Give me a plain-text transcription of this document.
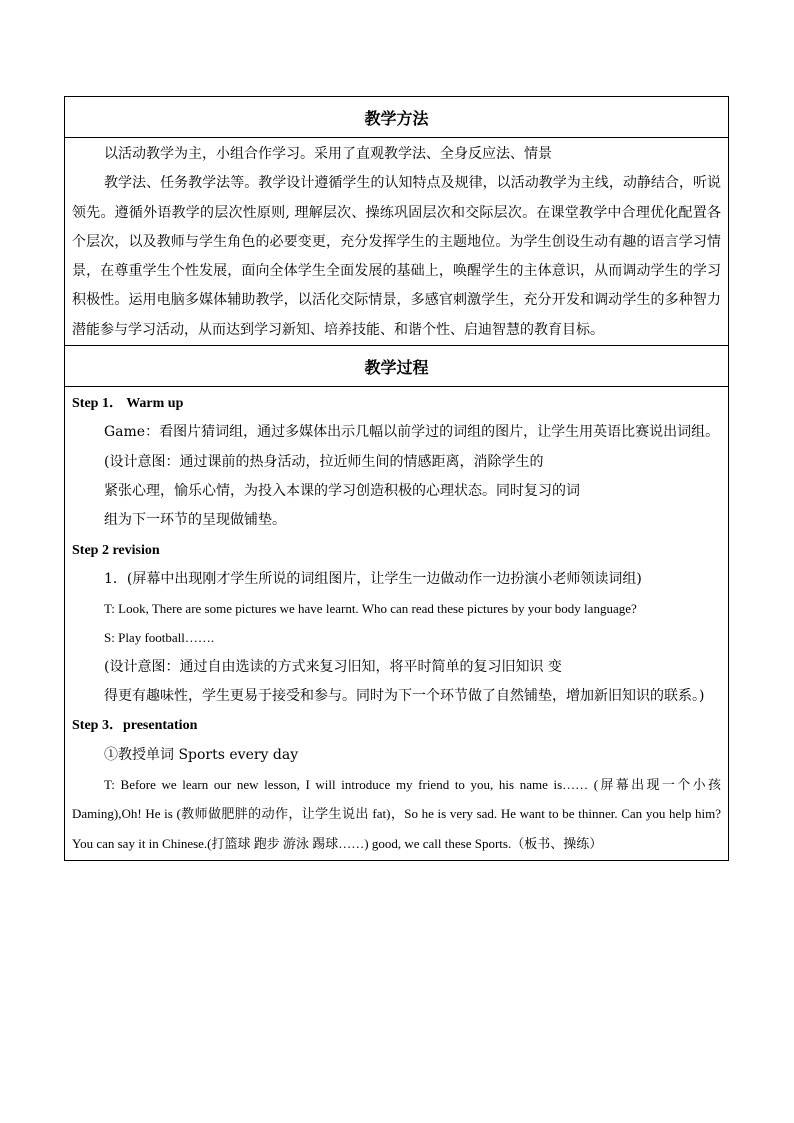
教学方法

以活动教学为主，小组合作学习。采用了直观教学法、全身反应法、情景

教学法、任务教学法等。教学设计遵循学生的认知特点及规律，以活动教学为主线，动静结合，听说领先。遵循外语教学的层次性原则, 理解层次、操练巩固层次和交际层次。在课堂教学中合理优化配置各个层次，以及教师与学生角色的必要变更，充分发挥学生的主题地位。为学生创设生动有趣的语言学习情景，在尊重学生个性发展，面向全体学生全面发展的基础上，唤醒学生的主体意识，从而调动学生的学习积极性。运用电脑多媒体辅助教学，以活化交际情景，多感官刺激学生，充分开发和调动学生的多种智力潜能参与学习活动，从而达到学习新知、培养技能、和谐个性、启迪智慧的教育目标。

教学过程

Step 1． Warm up

Game：看图片猜词组，通过多媒体出示几幅以前学过的词组的图片，让学生用英语比赛说出词组。

(设计意图：通过课前的热身活动，拉近师生间的情感距离，消除学生的

紧张心理，愉乐心情，为投入本课的学习创造积极的心理状态。同时复习的词

组为下一环节的呈现做铺垫。

Step 2 revision

1．(屏幕中出现刚才学生所说的词组图片，让学生一边做动作一边扮演小老师领读词组)

T: Look, There are some pictures we have learnt. Who can read these pictures by your body language?

S: Play football…….

(设计意图：通过自由选读的方式来复习旧知，将平时简单的复习旧知识 变

得更有趣味性，学生更易于接受和参与。同时为下一个环节做了自然铺垫，增加新旧知识的联系。)

Step 3．presentation

①教授单词 Sports every day

T: Before we learn our new lesson, I will introduce my friend to you, his name is…… (屏幕出现一个小孩 Daming),Oh! He is (教师做肥胖的动作，让学生说出 fat)，So he is very sad. He want to be thinner. Can you help him? You can say it in Chinese.(打篮球 跑步 游泳 踢球……) good, we call these Sports.（板书、操练）
